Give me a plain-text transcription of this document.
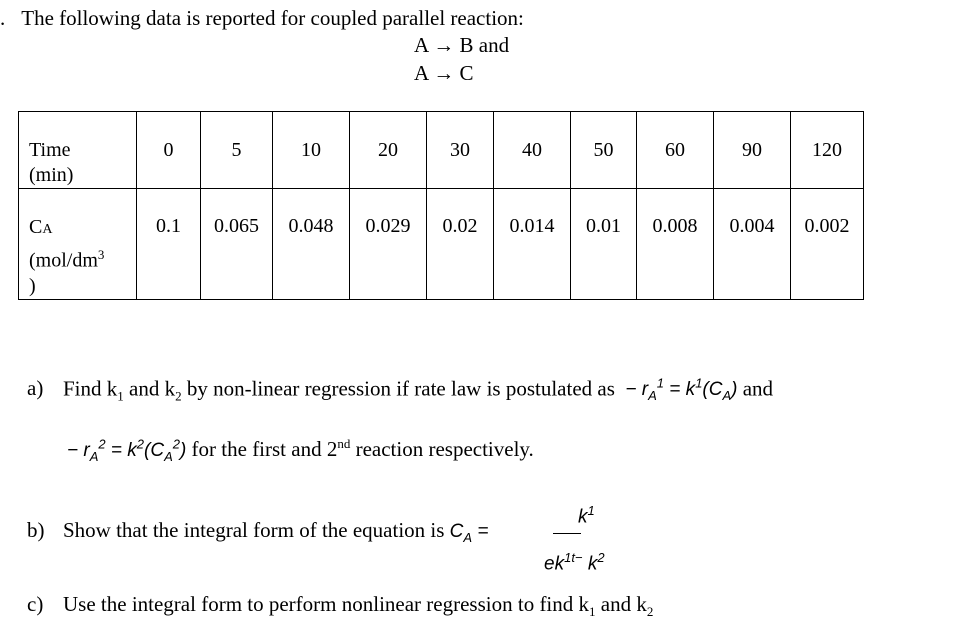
. The following data is reported for coupled parallel reaction:
A → B and
A → C
Time
(min)	0	5	10	20	30	40	50	60	90	120

CA
($mol/dm^3$
)	0.1	0.065	0.048	0.029	0.02	0.014	0.01	0.008	0.004	0.002
a) Find $k_1$ and $k_2$ by non-linear regression if rate law is postulated as − $r_A^1 = k^1(C_A)$ and
− $r_A^2 = k^2(C_A^2)$ for the first and 2nd reaction respectively.
b) Show that the integral form of the equation is $C_A$ =
$k^1$
$ek^{1t-}$ $k^2$
c) Use the integral form to perform nonlinear regression to find $k_1$ and $k_2$
